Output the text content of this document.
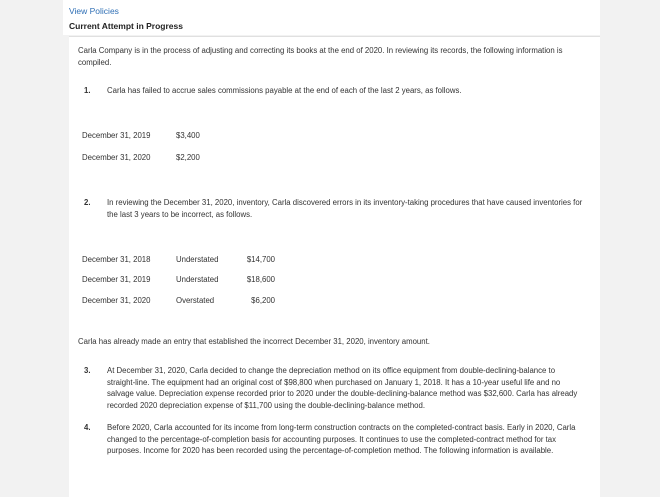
View Policies
Current Attempt in Progress
Carla Company is in the process of adjusting and correcting its books at the end of 2020. In reviewing its records, the following information is compiled.
1. Carla has failed to accrue sales commissions payable at the end of each of the last 2 years, as follows.
December 31, 2019	$3,400
December 31, 2020	$2,200
2. In reviewing the December 31, 2020, inventory, Carla discovered errors in its inventory-taking procedures that have caused inventories for the last 3 years to be incorrect, as follows.
December 31, 2018	Understated	$14,700
December 31, 2019	Understated	$18,600
December 31, 2020	Overstated	$6,200
Carla has already made an entry that established the incorrect December 31, 2020, inventory amount.
3. At December 31, 2020, Carla decided to change the depreciation method on its office equipment from double-declining-balance to straight-line. The equipment had an original cost of $98,800 when purchased on January 1, 2018. It has a 10-year useful life and no salvage value. Depreciation expense recorded prior to 2020 under the double-declining-balance method was $32,600. Carla has already recorded 2020 depreciation expense of $11,700 using the double-declining-balance method.
4. Before 2020, Carla accounted for its income from long-term construction contracts on the completed-contract basis. Early in 2020, Carla changed to the percentage-of-completion basis for accounting purposes. It continues to use the completed-contract method for tax purposes. Income for 2020 has been recorded using the percentage-of-completion method. The following information is available.
